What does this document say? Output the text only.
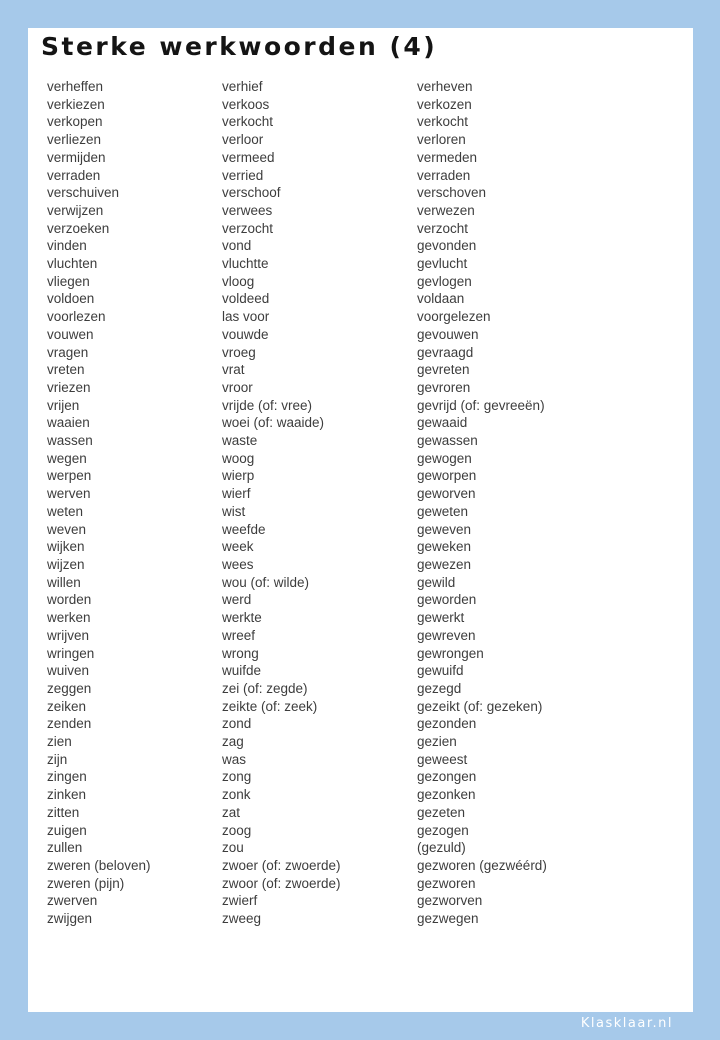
Sterke werkwoorden (4)
verheffen	verhief	verheven
verkiezen	verkoos	verkozen
verkopen	verkocht	verkocht
verliezen	verloor	verloren
vermijden	vermeed	vermeden
verraden	verried	verraden
verschuiven	verschoof	verschoven
verwijzen	verwees	verwezen
verzoeken	verzocht	verzocht
vinden	vond	gevonden
vluchten	vluchtte	gevlucht
vliegen	vloog	gevlogen
voldoen	voldeed	voldaan
voorlezen	las voor	voorgelezen
vouwen	vouwde	gevouwen
vragen	vroeg	gevraagd
vreten	vrat	gevreten
vriezen	vroor	gevroren
vrijen	vrijde (of: vree)	gevrijd (of: gevreeën)
waaien	woei (of: waaide)	gewaaid
wassen	waste	gewassen
wegen	woog	gewogen
werpen	wierp	geworpen
werven	wierf	geworven
weten	wist	geweten
weven	weefde	geweven
wijken	week	geweken
wijzen	wees	gewezen
willen	wou (of: wilde)	gewild
worden	werd	geworden
werken	werkte	gewerkt
wrijven	wreef	gewreven
wringen	wrong	gewrongen
wuiven	wuifde	gewuifd
zeggen	zei (of: zegde)	gezegd
zeiken	zeikte (of: zeek)	gezeikt (of: gezeken)
zenden	zond	gezonden
zien	zag	gezien
zijn	was	geweest
zingen	zong	gezongen
zinken	zonk	gezonken
zitten	zat	gezeten
zuigen	zoog	gezogen
zullen	zou	(gezuld)
zweren (beloven)	zwoer (of: zwoerde)	gezworen (gezwéérd)
zweren (pijn)	zwoor (of: zwoerde)	gezworen
zwerven	zwierf	gezworven
zwijgen	zweeg	gezwegen
Klasklaar.nl
